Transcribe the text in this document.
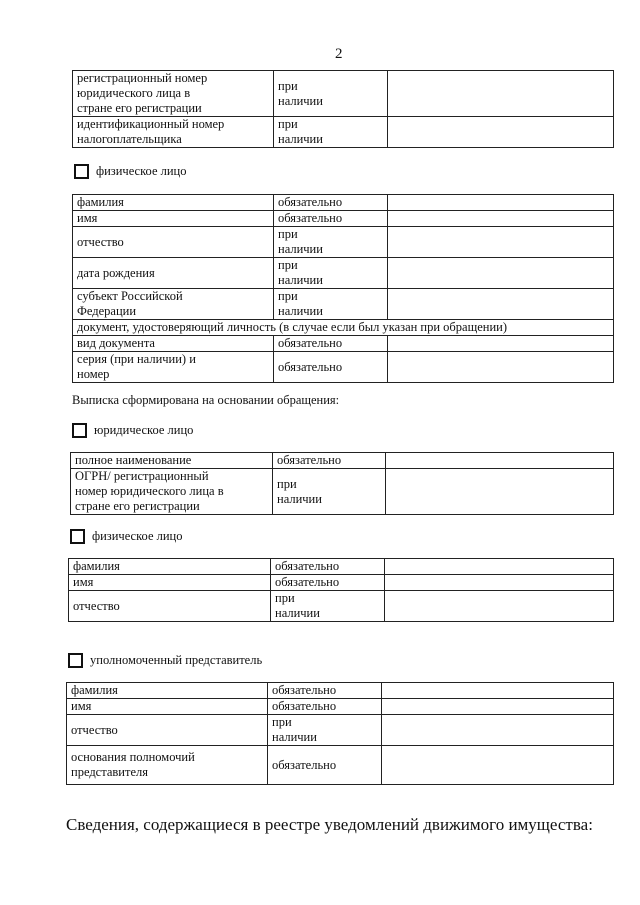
2
регистрационный номер
юридического лица в
стране его регистрации	при
наличии	
идентификационный номер
налогоплательщика	при
наличии	
физическое лицо
фамилия	обязательно	
имя	обязательно	
отчество	при
наличии	
дата рождения	при
наличии	
субъект Российской
Федерации	при
наличии	
документ, удостоверяющий личность (в случае если был указан при обращении)		
вид документа	обязательно	
серия (при наличии) и
номер	обязательно	
Выписка сформирована на основании обращения:
юридическое лицо
полное наименование	обязательно	
ОГРН/ регистрационный
номер юридического лица в
стране его регистрации	при
наличии	
физическое лицо
фамилия	обязательно	
имя	обязательно	
отчество	при
наличии	
уполномоченный представитель
фамилия	обязательно	
имя	обязательно	
отчество	при
наличии	
основания полномочий
представителя	обязательно	
Сведения, содержащиеся в реестре уведомлений движимого имущества:
